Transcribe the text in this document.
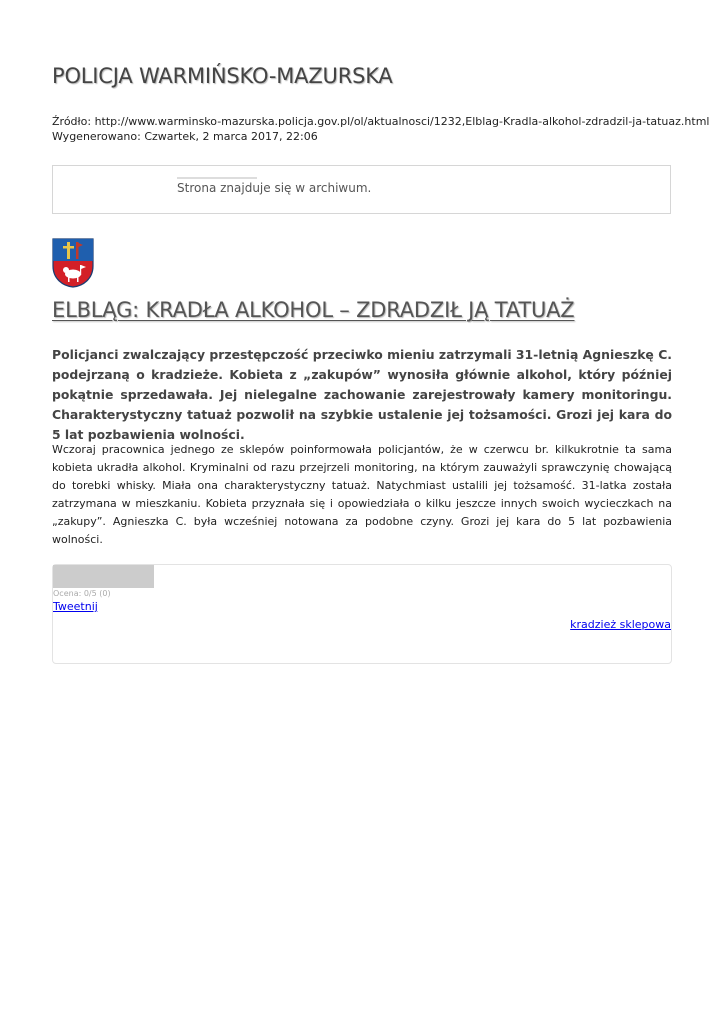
POLICJA WARMIŃSKO-MAZURSKA
Źródło: http://www.warminsko-mazurska.policja.gov.pl/ol/aktualnosci/1232,Elblag-Kradla-alkohol-zdradzil-ja-tatuaz.html
Wygenerowano: Czwartek, 2 marca 2017, 22:06
Strona znajduje się w archiwum.
ELBLĄG: KRADŁA ALKOHOL – ZDRADZIŁ JĄ TATUAŻ

Policjanci zwalczający przestępczość przeciwko mieniu zatrzymali 31-letnią Agnieszkę C. podejrzaną o kradzieże. Kobieta z „zakupów” wynosiła głównie alkohol, który później pokątnie sprzedawała. Jej nielegalne zachowanie zarejestrowały kamery monitoringu. Charakterystyczny tatuaż pozwolił na szybkie ustalenie jej tożsamości. Grozi jej kara do 5 lat pozbawienia wolności.

Wczoraj pracownica jednego ze sklepów poinformowała policjantów, że w czerwcu br. kilkukrotnie ta sama kobieta ukradła alkohol. Kryminalni od razu przejrzeli monitoring, na którym zauważyli sprawczynię chowającą do torebki whisky. Miała ona charakterystyczny tatuaż. Natychmiast ustalili jej tożsamość. 31-latka została zatrzymana w mieszkaniu. Kobieta przyznała się i opowiedziała o kilku jeszcze innych swoich wycieczkach na „zakupy”. Agnieszka C. była wcześniej notowana za podobne czyny. Grozi jej kara do 5 lat pozbawienia wolności.

Ocena: 0/5 (0)
Tweetnij
kradzież sklepowa
